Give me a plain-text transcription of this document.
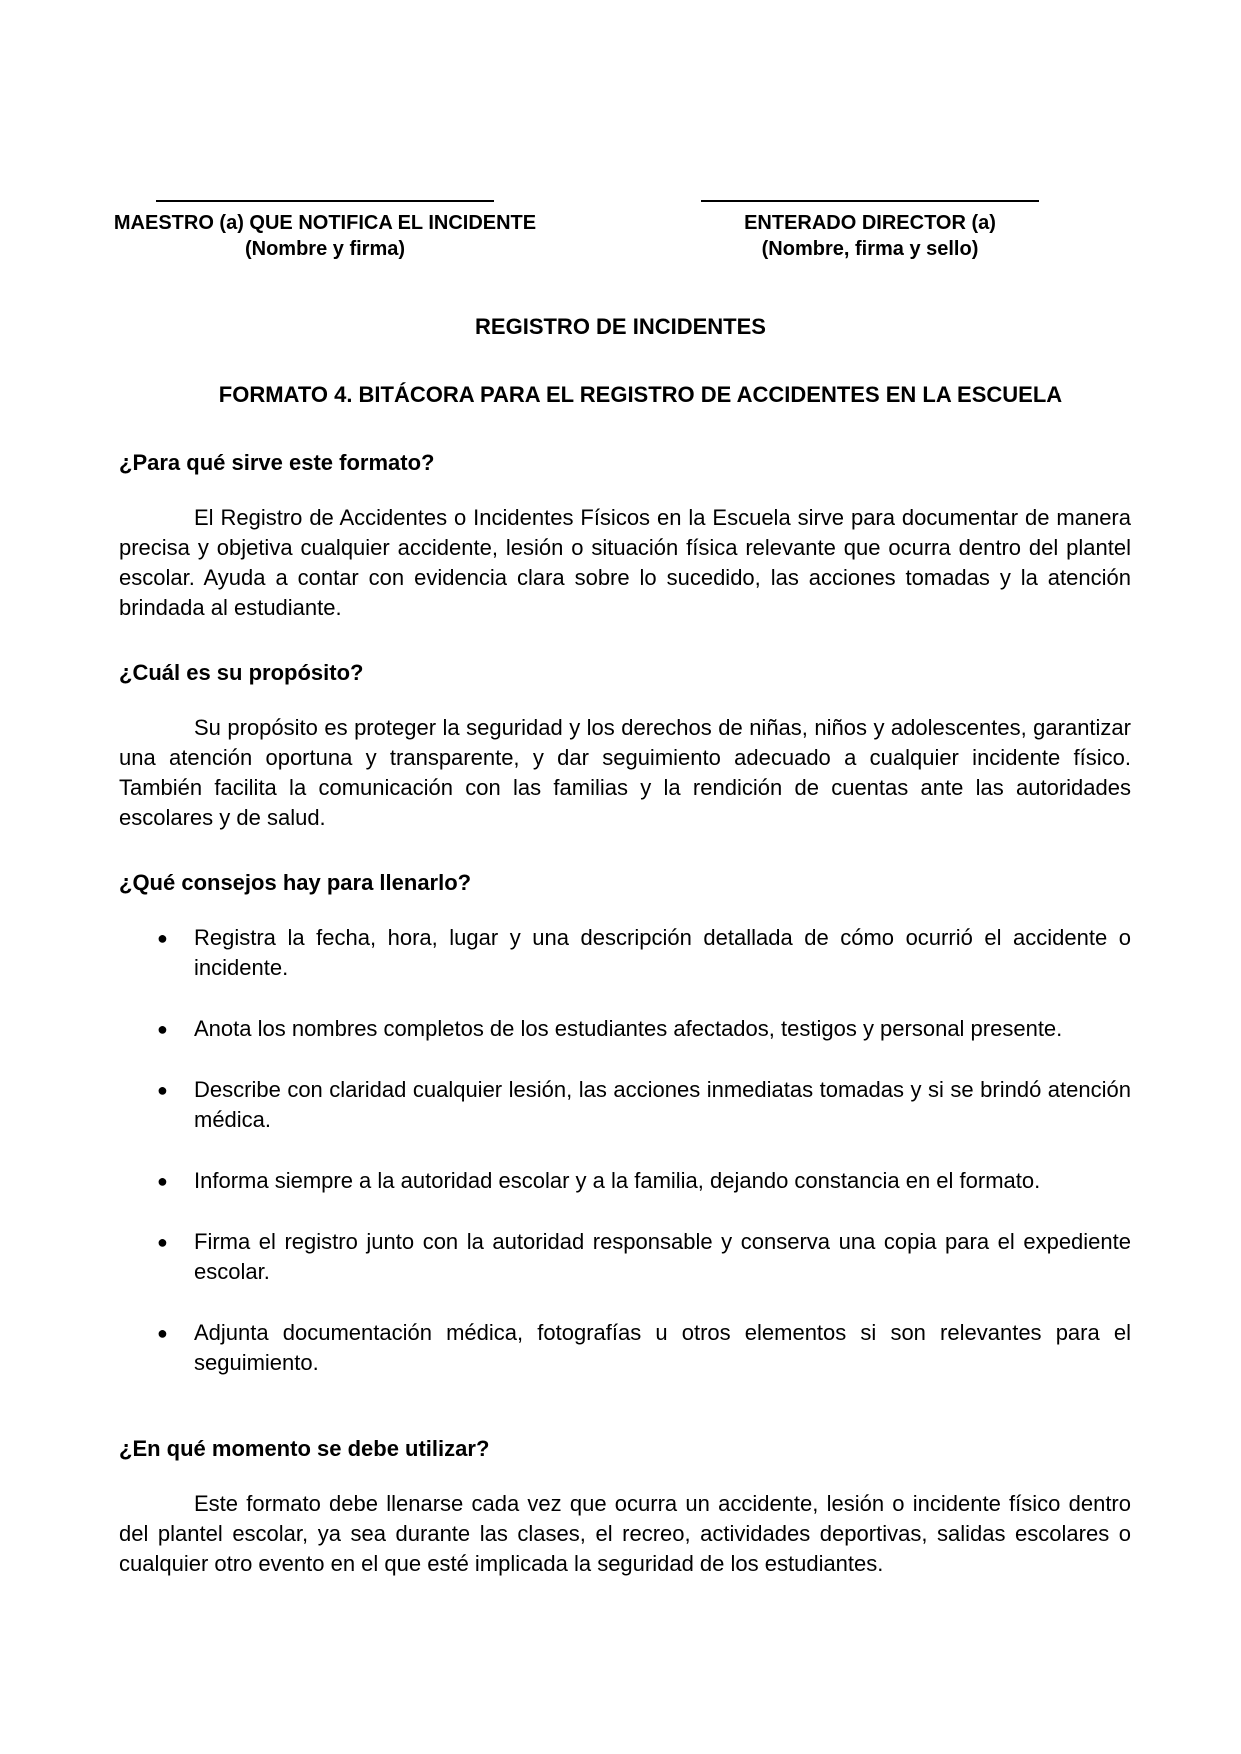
MAESTRO (a) QUE NOTIFICA EL INCIDENTE
(Nombre y firma)
ENTERADO DIRECTOR (a)
(Nombre, firma y sello)
REGISTRO DE INCIDENTES
FORMATO 4. BITÁCORA PARA EL REGISTRO DE ACCIDENTES EN LA ESCUELA

¿Para qué sirve este formato?

El Registro de Accidentes o Incidentes Físicos en la Escuela sirve para documentar de manera precisa y objetiva cualquier accidente, lesión o situación física relevante que ocurra dentro del plantel escolar. Ayuda a contar con evidencia clara sobre lo sucedido, las acciones tomadas y la atención brindada al estudiante.

¿Cuál es su propósito?

Su propósito es proteger la seguridad y los derechos de niñas, niños y adolescentes, garantizar una atención oportuna y transparente, y dar seguimiento adecuado a cualquier incidente físico. También facilita la comunicación con las familias y la rendición de cuentas ante las autoridades escolares y de salud.

¿Qué consejos hay para llenarlo?

● Registra la fecha, hora, lugar y una descripción detallada de cómo ocurrió el accidente o incidente.
● Anota los nombres completos de los estudiantes afectados, testigos y personal presente.
● Describe con claridad cualquier lesión, las acciones inmediatas tomadas y si se brindó atención médica.
● Informa siempre a la autoridad escolar y a la familia, dejando constancia en el formato.
● Firma el registro junto con la autoridad responsable y conserva una copia para el expediente escolar.
● Adjunta documentación médica, fotografías u otros elementos si son relevantes para el seguimiento.

¿En qué momento se debe utilizar?

Este formato debe llenarse cada vez que ocurra un accidente, lesión o incidente físico dentro del plantel escolar, ya sea durante las clases, el recreo, actividades deportivas, salidas escolares o cualquier otro evento en el que esté implicada la seguridad de los estudiantes.
